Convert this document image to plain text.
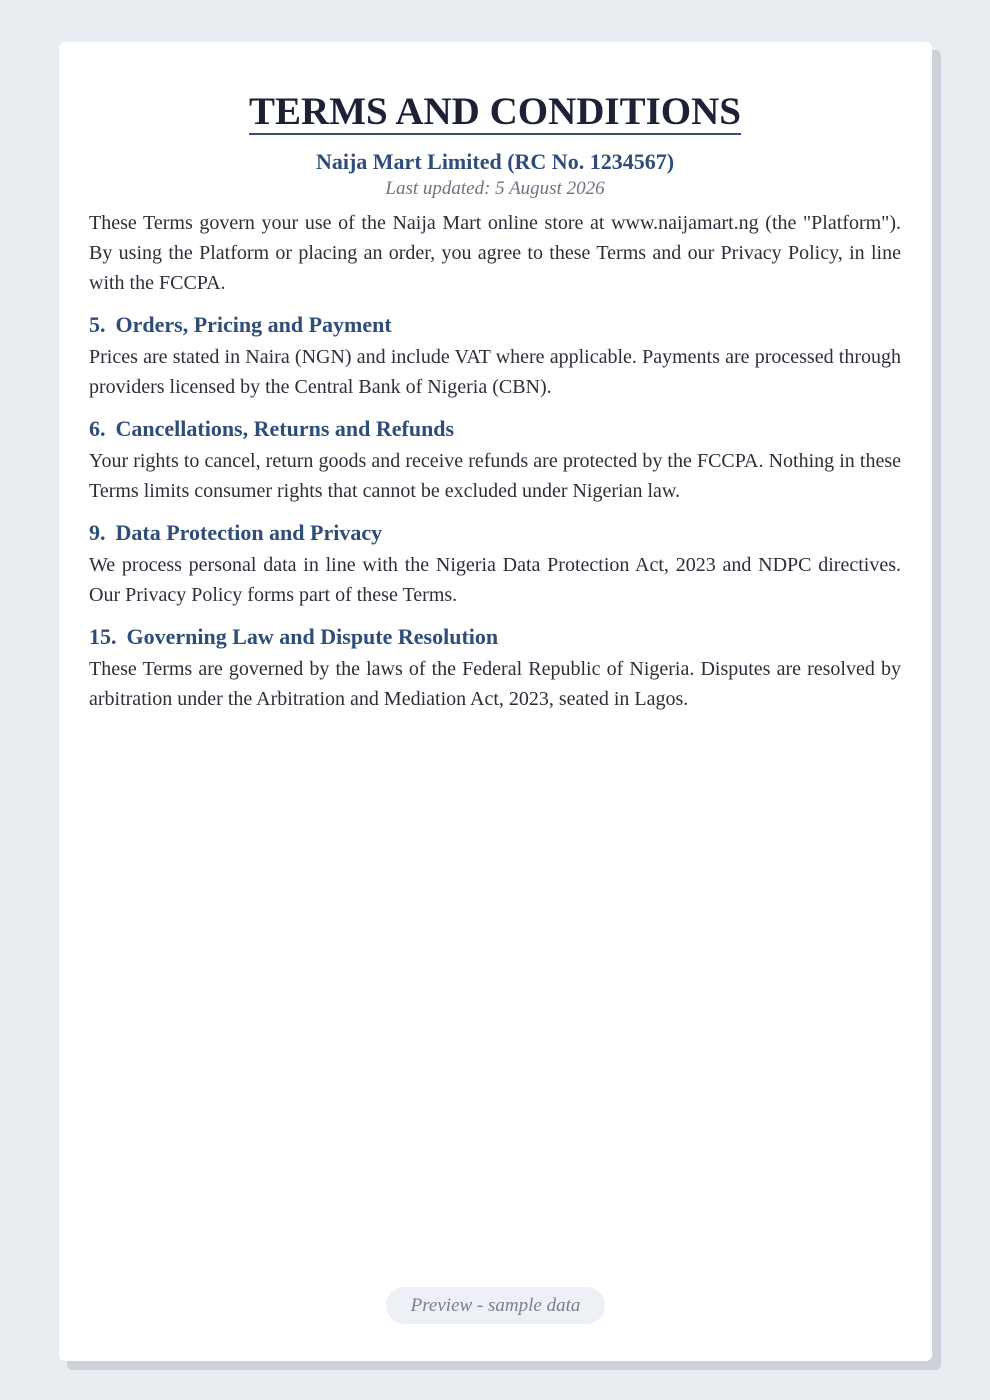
TERMS AND CONDITIONS
Naija Mart Limited (RC No. 1234567)
Last updated: 5 August 2026

These Terms govern your use of the Naija Mart online store at www.naijamart.ng (the "Platform"). By using the Platform or placing an order, you agree to these Terms and our Privacy Policy, in line with the FCCPA.

5. Orders, Pricing and Payment

Prices are stated in Naira (NGN) and include VAT where applicable. Payments are processed through providers licensed by the Central Bank of Nigeria (CBN).

6. Cancellations, Returns and Refunds

Your rights to cancel, return goods and receive refunds are protected by the FCCPA. Nothing in these Terms limits consumer rights that cannot be excluded under Nigerian law.

9. Data Protection and Privacy

We process personal data in line with the Nigeria Data Protection Act, 2023 and NDPC directives. Our Privacy Policy forms part of these Terms.

15. Governing Law and Dispute Resolution

These Terms are governed by the laws of the Federal Republic of Nigeria. Disputes are resolved by arbitration under the Arbitration and Mediation Act, 2023, seated in Lagos.

Preview - sample data
